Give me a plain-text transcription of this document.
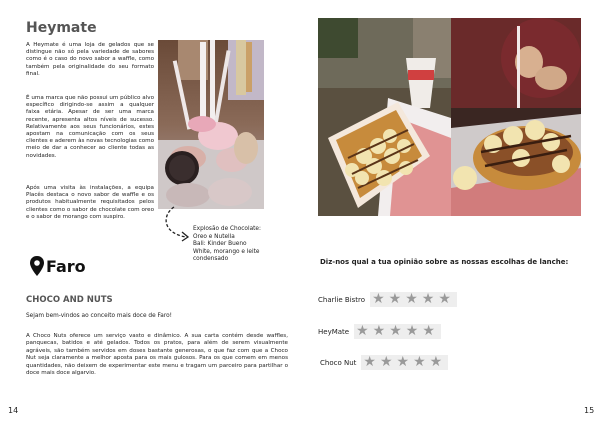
Heymate
A Heymate é uma loja de gelados que se distingue não só pela variedade de sabores como é o caso do novo sabor a waffle, como também pela originalidade do seu formato final.
É uma marca que não possui um público alvo específico dirigindo-se assim a qualquer faixa etária. Apesar de ser uma marca recente, apresenta altos níveis de sucesso. Relativamente aos seus funcionários, estes apostam na comunicação com os seus clientes e aderem às novas tecnologias como meio de dar a conhecer ao cliente todas as novidades.
Após uma visita às instalações, a equipa Placês destaca o novo sabor de waffle e os produtos habitualmente requisitados pelos clientes como o sabor de chocolate com oreo e o sabor de morango com suspiro.
Explosão de Chocolate:
Oreo e Nutella
Bali: Kinder Bueno
White, morango e leite
condensado
Faro
CHOCO AND NUTS
Sejam bem-vindos ao conceito mais doce de Faro!
A Choco Nuts oferece um serviço vasto e dinâmico. A sua carta contém desde waffles, panquecas, batidos e até gelados. Todos os pratos, para além de serem visualmente agráveis, são também servidos em doses bastante generosas, o que faz com que a Choco Nut seja claramente a melhor aposta para os mais gulosos. Para os que comem em menos quantidades, não deixem de experimentar este menu e tragam um parceiro para partilhar o doce mais doce algarvio.
14
Diz-nos qual a tua opinião sobre as nossas escolhas de lanche:
Charlie Bistro ★ ★ ★ ★ ★
HeyMate ★ ★ ★ ★ ★
Choco Nut ★ ★ ★ ★ ★
15
